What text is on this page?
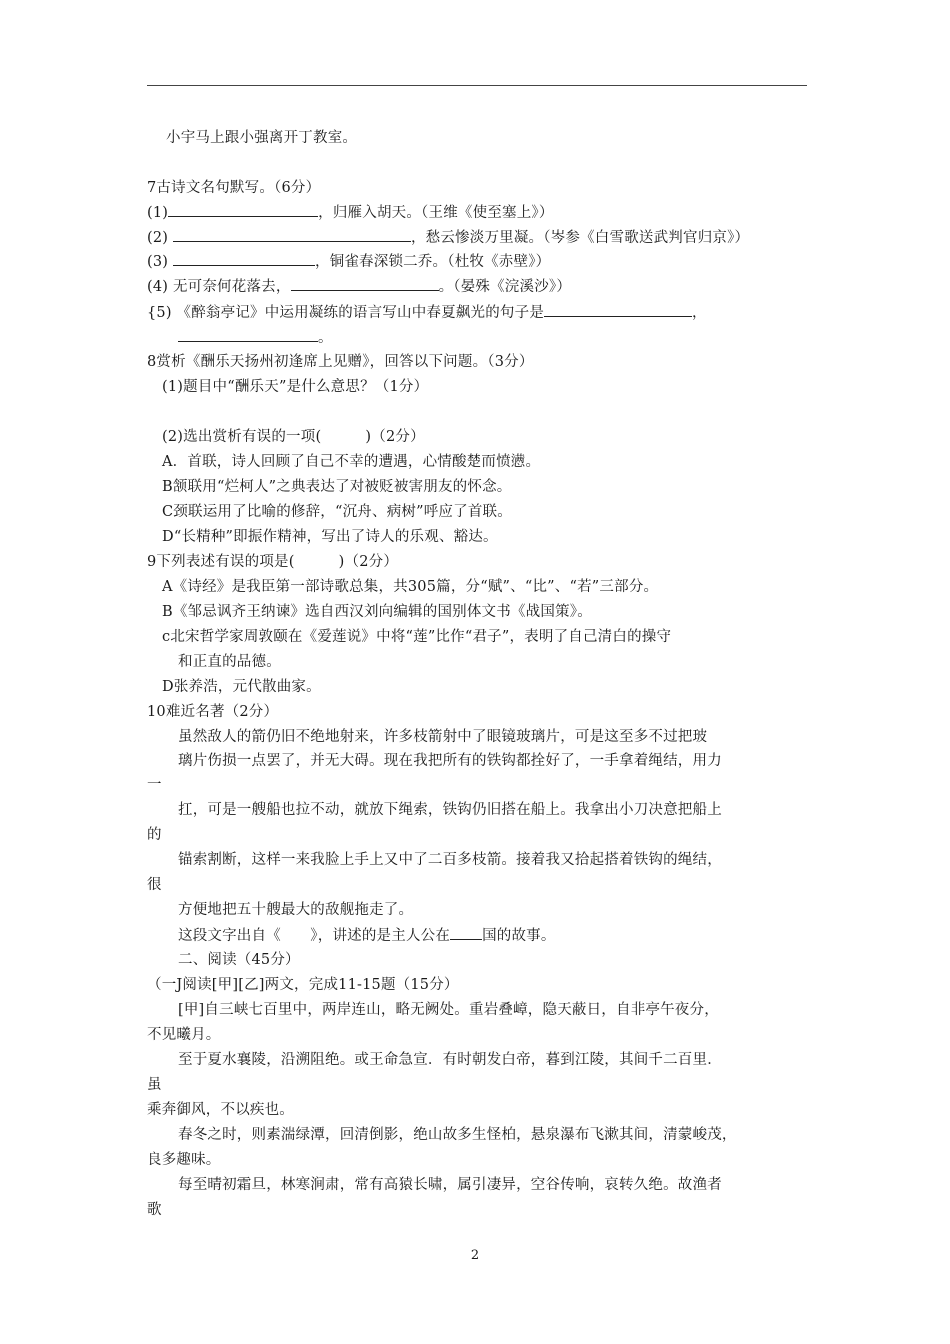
小宇马上跟小强离开丁教室。
7古诗文名句默写。（6分）
(1)	，归雁入胡天。（王维《使至塞上》）
(2)	，愁云惨淡万里凝。（岑参《白雪歌送武判官归京》）
(3)	，铜雀春深锁二乔。（杜牧《赤壁》）
(4) 无可奈何花落去，	。（晏殊《浣溪沙》）
{5) 《醉翁亭记》中运用凝练的语言写山中春夏飙光的句子是	，
。
8赏析《酬乐天扬州初逢席上见赠》，回答以下问题。（3分）
(1)题目中“酬乐天”是什么意思？（1分）
(2)选出赏析有误的一项(　　　)（2分）
A．首联，诗人回顾了自己不幸的遭遇，心情酸楚而愤懑。
B颔联用“烂柯人”之典表达了对被贬被害朋友的怀念。
C颈联运用了比喻的修辞，“沉舟、病树”呼应了首联。
D“长精种”即振作精神，写出了诗人的乐观、豁达。
9下列表述有误的项是(　　　)（2分）
A《诗经》是我臣第一部诗歌总集，共305篇，分“赋”、“比”、“若”三部分。
B《邹忌讽齐王纳谏》选自西汉刘向编辑的国别体文书《战国策》。
c北宋哲学家周敦颐在《爱莲说》中将“莲”比作“君子”，表明了自己清白的操守
和正直的品德。
D张养浩，元代散曲家。
10难近名著（2分）
虽然敌人的箭仍旧不绝地射来，许多枝箭射中了眼镜玻璃片，可是这至多不过把玻
璃片伤损一点罢了，并无大碍。现在我把所有的铁钩都拴好了，一手拿着绳结，用力
一
扛，可是一艘船也拉不动，就放下绳索，铁钩仍旧搭在船上。我拿出小刀决意把船上
的
锚索割断，这样一来我脸上手上又中了二百多枝箭。接着我又拾起搭着铁钩的绳结，
很
方便地把五十艘最大的敌舰拖走了。
这段文字出自《　　》，讲述的是主人公在 国的故事。
二、阅读（45分）
（一J阅读[甲][乙]两文，完成11-15题（15分）
[甲]自三峡七百里中，两岸连山，略无阙处。重岩叠嶂，隐天蔽日，自非亭午夜分，
不见曦月。
至于夏水襄陵，沿溯阻绝。或王命急宣．有时朝发白帝，暮到江陵，其间千二百里．
虽
乘奔御风，不以疾也。
春冬之时，则素湍绿潭，回清倒影，绝山故多生怪柏，悬泉瀑布飞漱其间，清蒙峻茂，
良多趣味。
每至晴初霜旦，林寒涧肃，常有高猿长啸，属引凄异，空谷传响，哀转久绝。故渔者
歌
2
